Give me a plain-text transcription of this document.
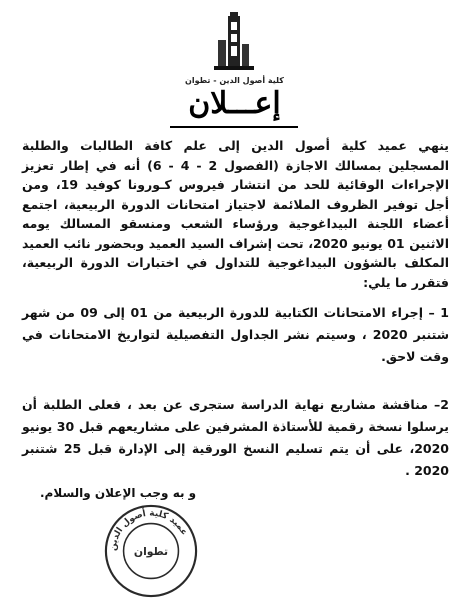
كلية أصول الدين - تطوان
إعـــلان

ينهي عميد كلية أصول الدين إلى علم كافة الطالبات والطلبة المسجلين بمسالك الاجازة (الفصول 2 - 4 - 6) أنه في إطار تعزيز الإجراءات الوقائية للحد من انتشار فيروس كـورونا كوفيد 19، ومن أجل توفير الظروف الملائمة لاجتياز امتحانات الدورة الربيعية، اجتمع أعضاء اللجنة البيداغوجية ورؤساء الشعب ومنسقو المسالك يومه الاثنين 01 يونيو 2020، تحت إشراف السيد العميد وبحضور نائب العميد المكلف بالشؤون البيداغوجية للتداول في اختبارات الدورة الربيعية، فتقرر ما يلي:

1 – إجراء الامتحانات الكتابية للدورة الربيعية من 01 إلى 09 من شهر شتنبر 2020 ، وسيتم نشر الجداول التفصيلية لتواريخ الامتحانات في وقت لاحق.

2– مناقشة مشاريع نهاية الدراسة ستجرى عن بعد ، فعلى الطلبة أن يرسلوا نسخة رقمية للأستاذة المشرفين على مشاريعهم قبل 30 يونيو 2020، على أن يتم تسليم النسخ الورقية إلى الإدارة قبل 25 شتنبر 2020 .

و به وجب الإعلان والسلام.
عميد كلية أصول الدين
تطوان
